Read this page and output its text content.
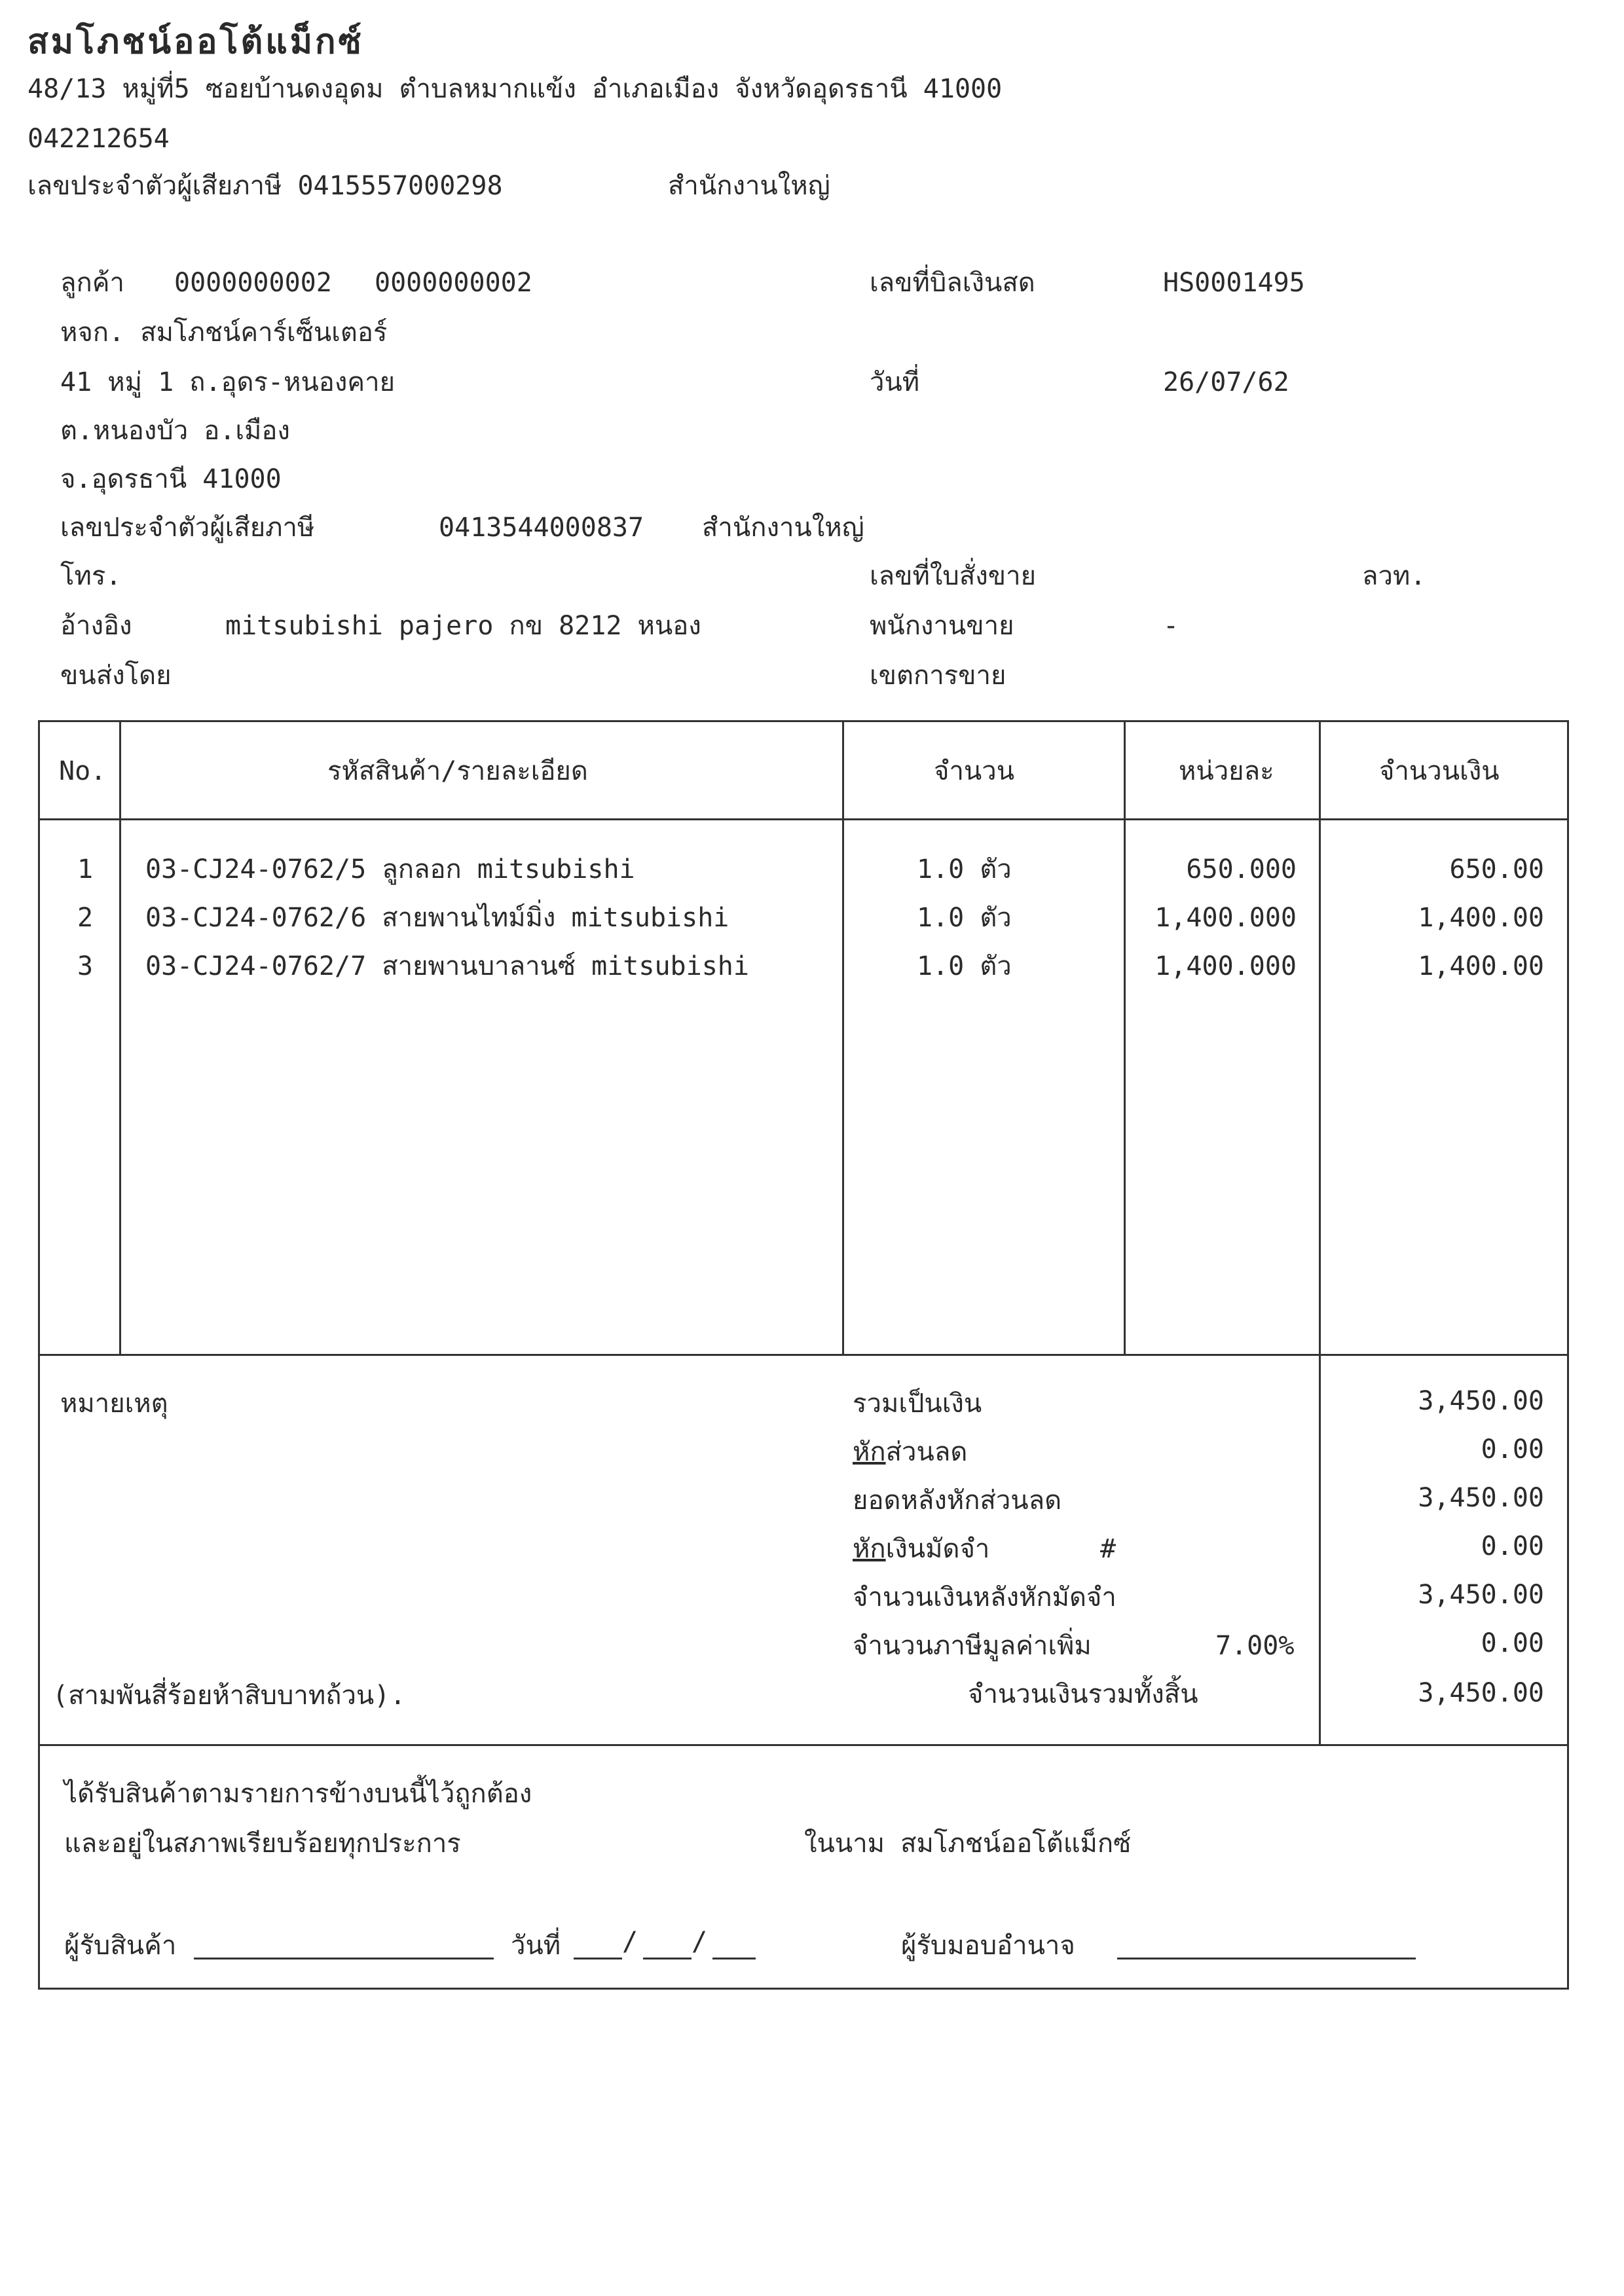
สมโภชน์ออโต้แม็กซ์
48/13 หมู่ที่5 ซอยบ้านดงอุดม ตำบลหมากแข้ง อำเภอเมือง จังหวัดอุดรธานี 41000
042212654
เลขประจำตัวผู้เสียภาษี 0415557000298	สำนักงานใหญ่
ลูกค้า 0000000002 0000000002
หจก. สมโภชน์คาร์เซ็นเตอร์
41 หมู่ 1 ถ.อุดร-หนองคาย
ต.หนองบัว อ.เมือง
จ.อุดรธานี 41000
เลขประจำตัวผู้เสียภาษี	0413544000837 สำนักงานใหญ่
โทร.
อ้างอิง	mitsubishi pajero กข 8212 หนอง
ขนส่งโดย
เลขที่บิลเงินสด	HS0001495
วันที่	26/07/62
เลขที่ใบสั่งขาย	ลวท.
พนักงานขาย	-
เขตการขาย
No.	รหัสสินค้า/รายละเอียด	จำนวน	หน่วยละ	จำนวนเงิน
1 03-CJ24-0762/5 ลูกลอก mitsubishi	1.0 ตัว	650.000	650.00
2 03-CJ24-0762/6 สายพานไทม์มิ่ง mitsubishi	1.0 ตัว	1,400.000	1,400.00
3 03-CJ24-0762/7 สายพานบาลานซ์ mitsubishi	1.0 ตัว	1,400.000	1,400.00
หมายเหตุ	รวมเป็นเงิน	3,450.00
หักส่วนลด	0.00
ยอดหลังหักส่วนลด	3,450.00
หักเงินมัดจำ	#	0.00
จำนวนเงินหลังหักมัดจำ	3,450.00
จำนวนภาษีมูลค่าเพิ่ม	7.00%	0.00
(สามพันสี่ร้อยห้าสิบบาทถ้วน).	จำนวนเงินรวมทั้งสิ้น	3,450.00
ได้รับสินค้าตามรายการข้างบนนี้ไว้ถูกต้อง
และอยู่ในสภาพเรียบร้อยทุกประการ	ในนาม สมโภชน์ออโต้แม็กซ์
ผู้รับสินค้า	วันที่ / /	ผู้รับมอบอำนาจ
